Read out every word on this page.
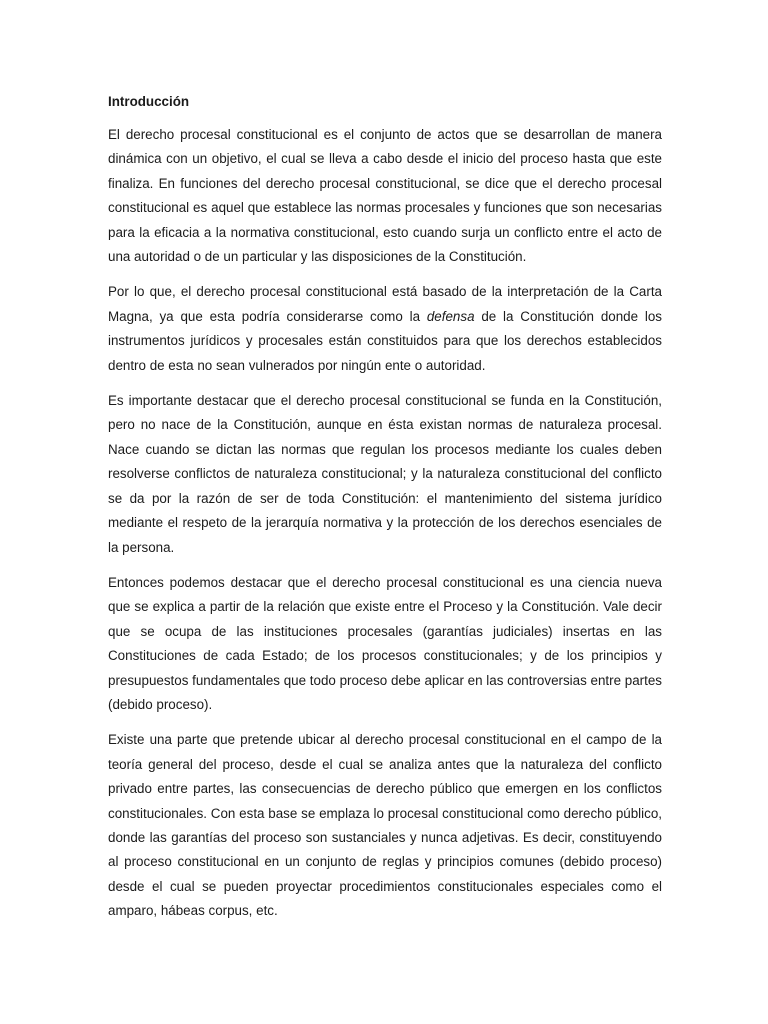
Introducción

El derecho procesal constitucional es el conjunto de actos que se desarrollan de manera dinámica con un objetivo, el cual se lleva a cabo desde el inicio del proceso hasta que este finaliza. En funciones del derecho procesal constitucional, se dice que el derecho procesal constitucional es aquel que establece las normas procesales y funciones que son necesarias para la eficacia a la normativa constitucional, esto cuando surja un conflicto entre el acto de una autoridad o de un particular y las disposiciones de la Constitución.

Por lo que, el derecho procesal constitucional está basado de la interpretación de la Carta Magna, ya que esta podría considerarse como la defensa de la Constitución donde los instrumentos jurídicos y procesales están constituidos para que los derechos establecidos dentro de esta no sean vulnerados por ningún ente o autoridad.

Es importante destacar que el derecho procesal constitucional se funda en la Constitución, pero no nace de la Constitución, aunque en ésta existan normas de naturaleza procesal. Nace cuando se dictan las normas que regulan los procesos mediante los cuales deben resolverse conflictos de naturaleza constitucional; y la naturaleza constitucional del conflicto se da por la razón de ser de toda Constitución: el mantenimiento del sistema jurídico mediante el respeto de la jerarquía normativa y la protección de los derechos esenciales de la persona.

Entonces podemos destacar que el derecho procesal constitucional es una ciencia nueva que se explica a partir de la relación que existe entre el Proceso y la Constitución. Vale decir que se ocupa de las instituciones procesales (garantías judiciales) insertas en las Constituciones de cada Estado; de los procesos constitucionales; y de los principios y presupuestos fundamentales que todo proceso debe aplicar en las controversias entre partes (debido proceso).

Existe una parte que pretende ubicar al derecho procesal constitucional en el campo de la teoría general del proceso, desde el cual se analiza antes que la naturaleza del conflicto privado entre partes, las consecuencias de derecho público que emergen en los conflictos constitucionales. Con esta base se emplaza lo procesal constitucional como derecho público, donde las garantías del proceso son sustanciales y nunca adjetivas. Es decir, constituyendo al proceso constitucional en un conjunto de reglas y principios comunes (debido proceso) desde el cual se pueden proyectar procedimientos constitucionales especiales como el amparo, hábeas corpus, etc.
